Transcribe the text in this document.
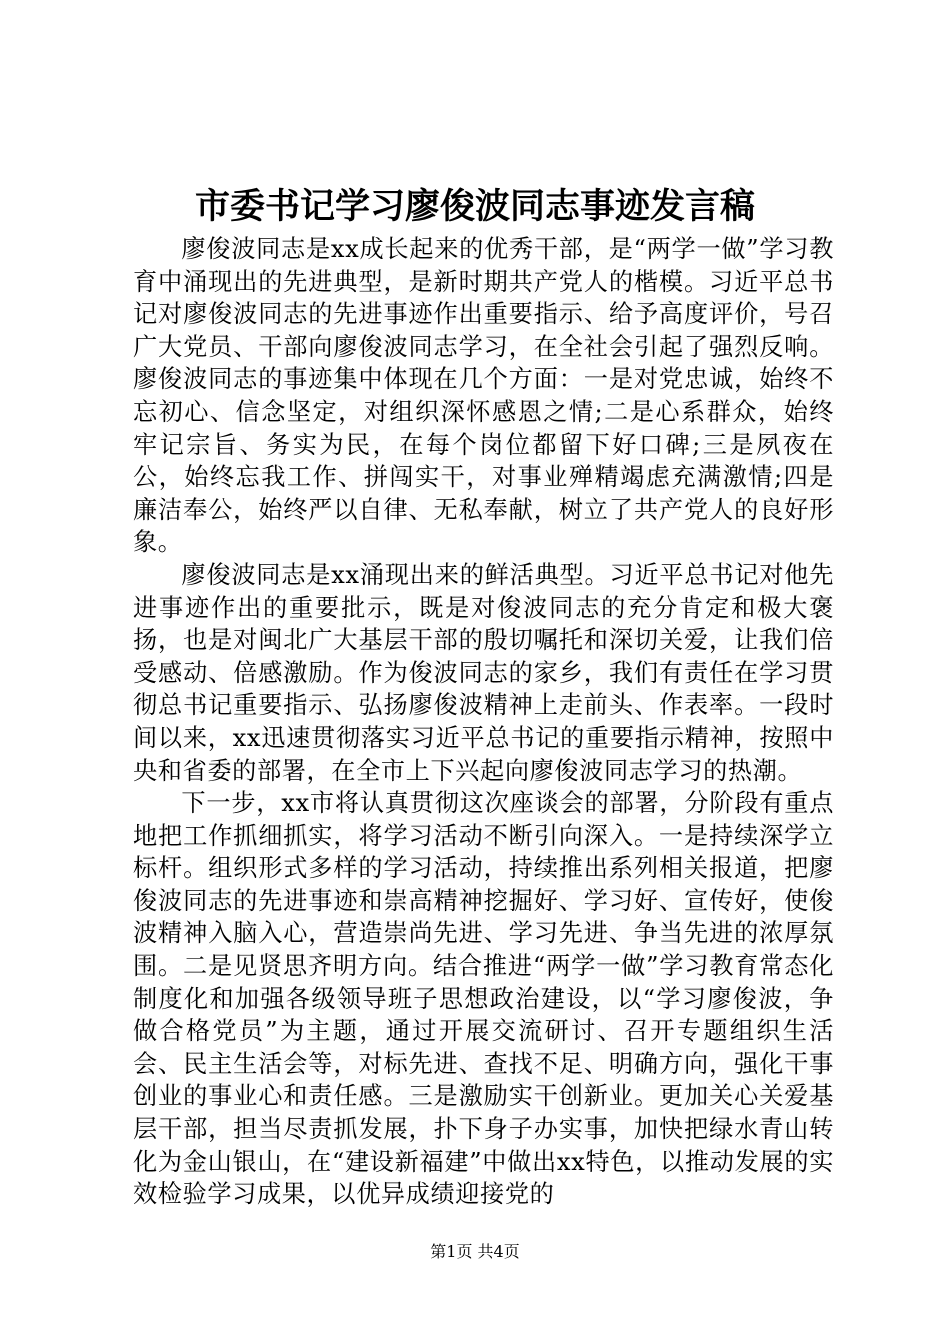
市委书记学习廖俊波同志事迹发言稿

廖俊波同志是xx成长起来的优秀干部，是“两学一做”学习教育中涌现出的先进典型，是新时期共产党人的楷模。习近平总书记对廖俊波同志的先进事迹作出重要指示、给予高度评价，号召广大党员、干部向廖俊波同志学习，在全社会引起了强烈反响。廖俊波同志的事迹集中体现在几个方面：一是对党忠诚，始终不忘初心、信念坚定，对组织深怀感恩之情;二是心系群众，始终牢记宗旨、务实为民，在每个岗位都留下好口碑;三是夙夜在公，始终忘我工作、拼闯实干，对事业殚精竭虑充满激情;四是廉洁奉公，始终严以自律、无私奉献，树立了共产党人的良好形象。

廖俊波同志是xx涌现出来的鲜活典型。习近平总书记对他先进事迹作出的重要批示，既是对俊波同志的充分肯定和极大褒扬，也是对闽北广大基层干部的殷切嘱托和深切关爱，让我们倍受感动、倍感激励。作为俊波同志的家乡，我们有责任在学习贯彻总书记重要指示、弘扬廖俊波精神上走前头、作表率。一段时间以来，xx迅速贯彻落实习近平总书记的重要指示精神，按照中央和省委的部署，在全市上下兴起向廖俊波同志学习的热潮。

下一步，xx市将认真贯彻这次座谈会的部署，分阶段有重点地把工作抓细抓实，将学习活动不断引向深入。一是持续深学立标杆。组织形式多样的学习活动，持续推出系列相关报道，把廖俊波同志的先进事迹和崇高精神挖掘好、学习好、宣传好，使俊波精神入脑入心，营造崇尚先进、学习先进、争当先进的浓厚氛围。二是见贤思齐明方向。结合推进“两学一做”学习教育常态化制度化和加强各级领导班子思想政治建设，以“学习廖俊波，争做合格党员”为主题，通过开展交流研讨、召开专题组织生活会、民主生活会等，对标先进、查找不足、明确方向，强化干事创业的事业心和责任感。三是激励实干创新业。更加关心关爱基层干部，担当尽责抓发展，扑下身子办实事，加快把绿水青山转化为金山银山，在“建设新福建”中做出xx特色，以推动发展的实效检验学习成果，以优异成绩迎接党的

第1页 共4页
